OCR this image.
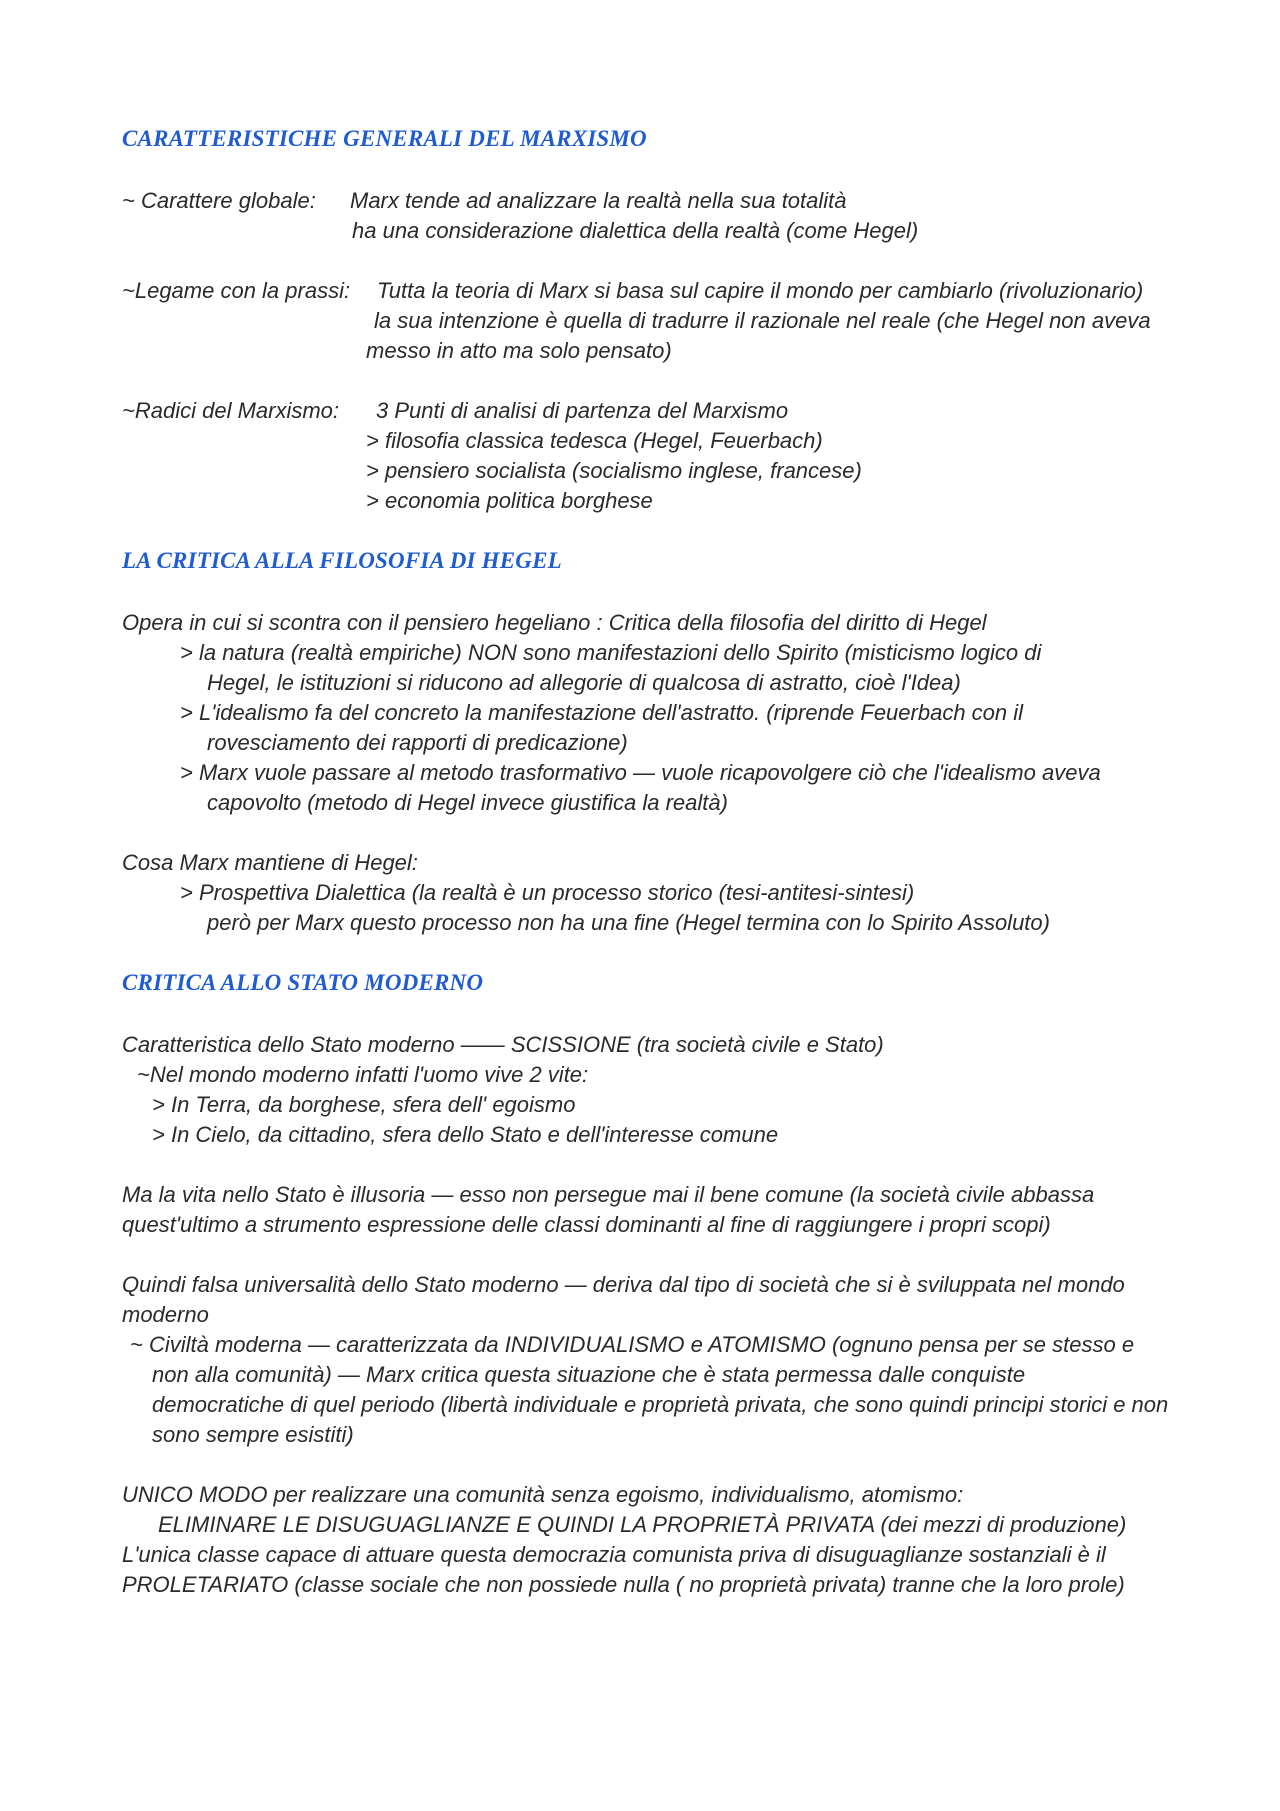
CARATTERISTICHE GENERALI DEL MARXISMO
~ Carattere globale: Marx tende ad analizzare la realtà nella sua totalità
ha una considerazione dialettica della realtà (come Hegel)
~Legame con la prassi: Tutta la teoria di Marx si basa sul capire il mondo per cambiarlo (rivoluzionario)
la sua intenzione è quella di tradurre il razionale nel reale (che Hegel non aveva
messo in atto ma solo pensato)
~Radici del Marxismo: 3 Punti di analisi di partenza del Marxismo
> filosofia classica tedesca (Hegel, Feuerbach)
> pensiero socialista (socialismo inglese, francese)
> economia politica borghese
LA CRITICA ALLA FILOSOFIA DI HEGEL
Opera in cui si scontra con il pensiero hegeliano : Critica della filosofia del diritto di Hegel
> la natura (realtà empiriche) NON sono manifestazioni dello Spirito (misticismo logico di
Hegel, le istituzioni si riducono ad allegorie di qualcosa di astratto, cioè l'Idea)
> L'idealismo fa del concreto la manifestazione dell'astratto. (riprende Feuerbach con il
rovesciamento dei rapporti di predicazione)
> Marx vuole passare al metodo trasformativo — vuole ricapovolgere ciò che l'idealismo aveva
capovolto (metodo di Hegel invece giustifica la realtà)
Cosa Marx mantiene di Hegel:
> Prospettiva Dialettica (la realtà è un processo storico (tesi-antitesi-sintesi)
però per Marx questo processo non ha una fine (Hegel termina con lo Spirito Assoluto)
CRITICA ALLO STATO MODERNO
Caratteristica dello Stato moderno —— SCISSIONE (tra società civile e Stato)
~Nel mondo moderno infatti l'uomo vive 2 vite:
> In Terra, da borghese, sfera dell' egoismo
> In Cielo, da cittadino, sfera dello Stato e dell'interesse comune
Ma la vita nello Stato è illusoria — esso non persegue mai il bene comune (la società civile abbassa
quest'ultimo a strumento espressione delle classi dominanti al fine di raggiungere i propri scopi)
Quindi falsa universalità dello Stato moderno — deriva dal tipo di società che si è sviluppata nel mondo
moderno
~ Civiltà moderna — caratterizzata da INDIVIDUALISMO e ATOMISMO (ognuno pensa per se stesso e
non alla comunità) — Marx critica questa situazione che è stata permessa dalle conquiste
democratiche di quel periodo (libertà individuale e proprietà privata, che sono quindi principi storici e non
sono sempre esistiti)
UNICO MODO per realizzare una comunità senza egoismo, individualismo, atomismo:
ELIMINARE LE DISUGUAGLIANZE E QUINDI LA PROPRIETÀ PRIVATA (dei mezzi di produzione)
L'unica classe capace di attuare questa democrazia comunista priva di disuguaglianze sostanziali è il
PROLETARIATO (classe sociale che non possiede nulla ( no proprietà privata) tranne che la loro prole)
